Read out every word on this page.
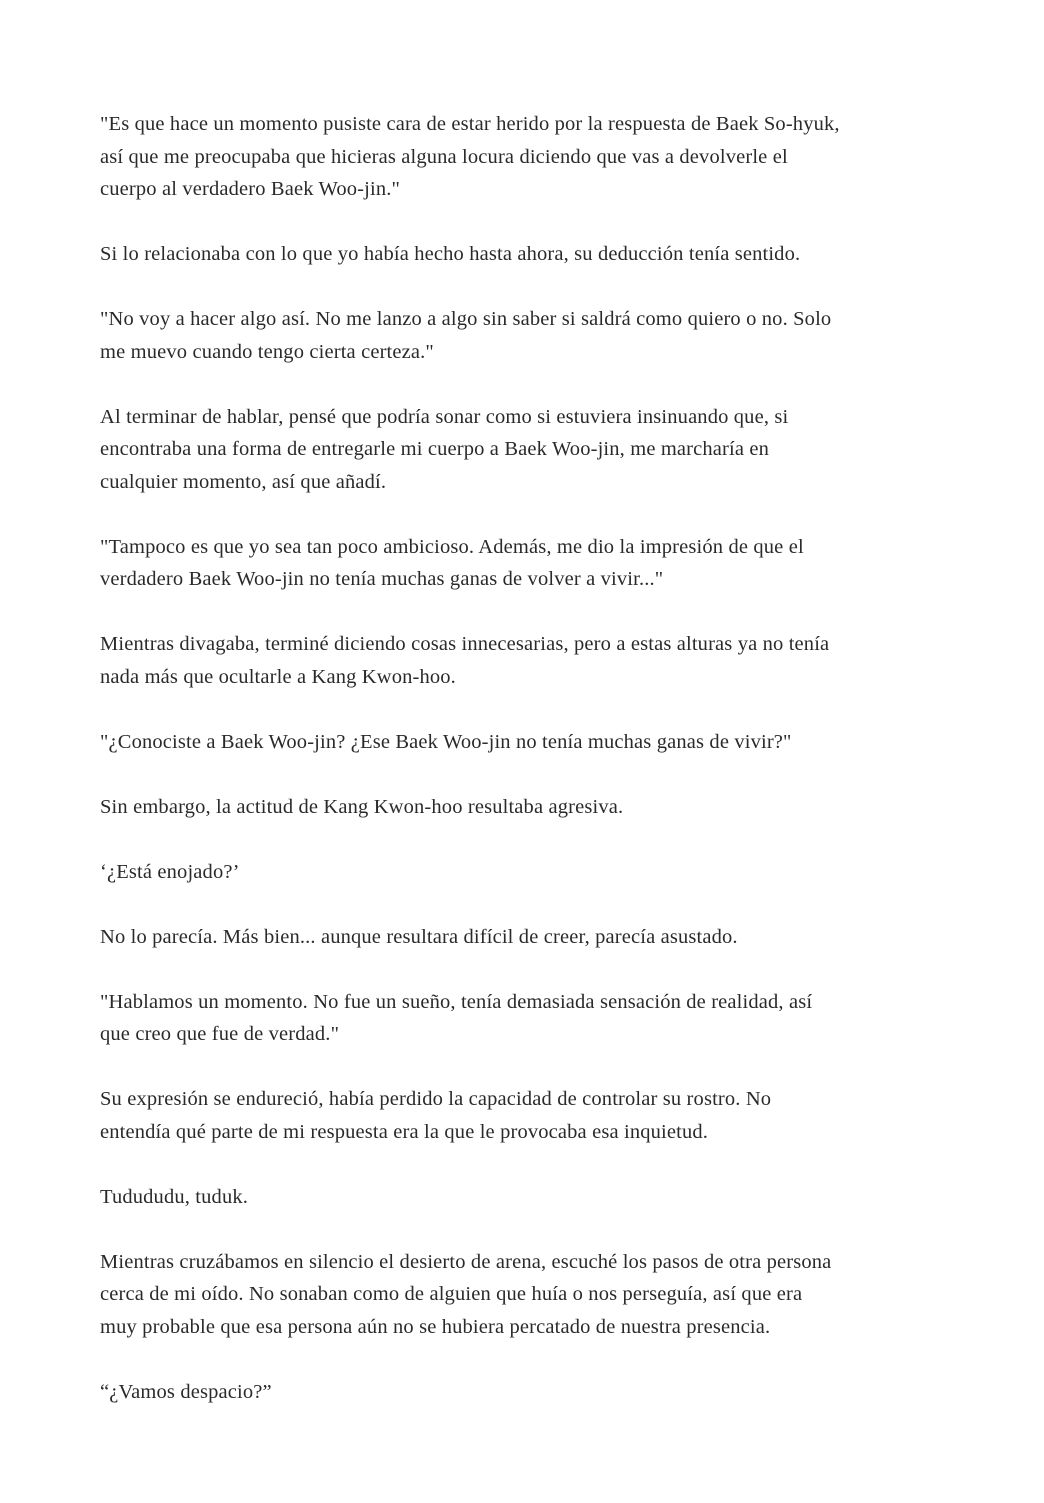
"Es que hace un momento pusiste cara de estar herido por la respuesta de Baek So-hyuk,
así que me preocupaba que hicieras alguna locura diciendo que vas a devolverle el
cuerpo al verdadero Baek Woo-jin."

Si lo relacionaba con lo que yo había hecho hasta ahora, su deducción tenía sentido.

"No voy a hacer algo así. No me lanzo a algo sin saber si saldrá como quiero o no. Solo
me muevo cuando tengo cierta certeza."

Al terminar de hablar, pensé que podría sonar como si estuviera insinuando que, si
encontraba una forma de entregarle mi cuerpo a Baek Woo-jin, me marcharía en
cualquier momento, así que añadí.

"Tampoco es que yo sea tan poco ambicioso. Además, me dio la impresión de que el
verdadero Baek Woo-jin no tenía muchas ganas de volver a vivir..."

Mientras divagaba, terminé diciendo cosas innecesarias, pero a estas alturas ya no tenía
nada más que ocultarle a Kang Kwon-hoo.

"¿Conociste a Baek Woo-jin? ¿Ese Baek Woo-jin no tenía muchas ganas de vivir?"

Sin embargo, la actitud de Kang Kwon-hoo resultaba agresiva.

‘¿Está enojado?’

No lo parecía. Más bien... aunque resultara difícil de creer, parecía asustado.

"Hablamos un momento. No fue un sueño, tenía demasiada sensación de realidad, así
que creo que fue de verdad."

Su expresión se endureció, había perdido la capacidad de controlar su rostro. No
entendía qué parte de mi respuesta era la que le provocaba esa inquietud.

Tudududu, tuduk.

Mientras cruzábamos en silencio el desierto de arena, escuché los pasos de otra persona
cerca de mi oído. No sonaban como de alguien que huía o nos perseguía, así que era
muy probable que esa persona aún no se hubiera percatado de nuestra presencia.

“¿Vamos despacio?”
